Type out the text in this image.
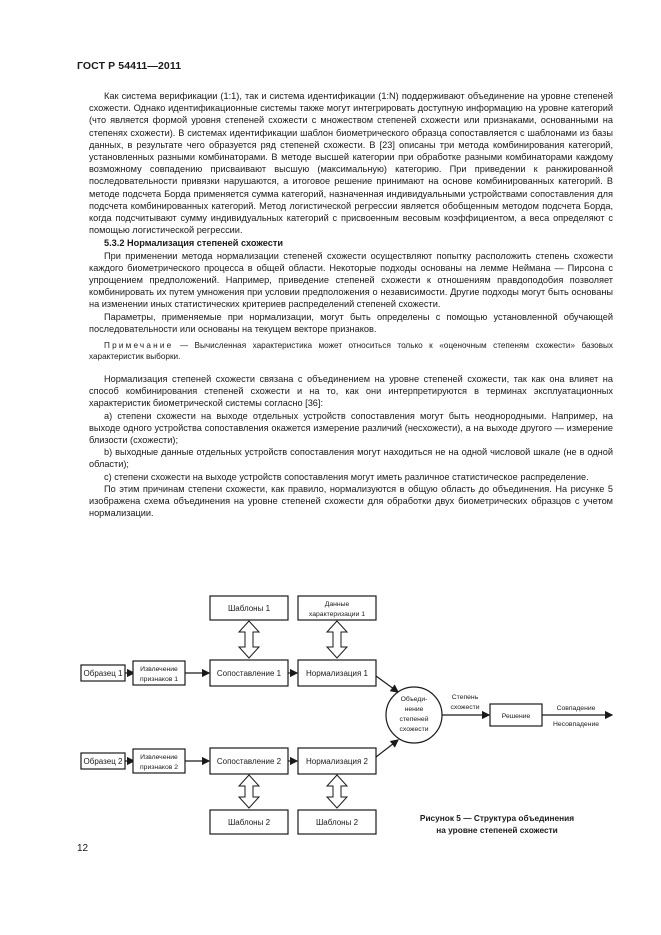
ГОСТ Р 54411—2011

Как система верификации (1:1), так и система идентификации (1:N) поддерживают объединение на уровне степеней схожести. Однако идентификационные системы также могут интегрировать доступную информацию на уровне категорий (что является формой уровня степеней схожести с множеством степеней схожести или признаками, основанными на степенях схожести). В системах идентификации шаблон биометрического образца сопоставляется с шаблонами из базы данных, в результате чего образуется ряд степеней схожести. В [23] описаны три метода комбинирования категорий, установленных разными комбинаторами. В методе высшей категории при обработке разными комбинаторами каждому возможному совпадению присваивают высшую (максимальную) категорию. При приведении к ранжированной последовательности привязки нарушаются, а итоговое решение принимают на основе комбинированных категорий. В методе подсчета Борда применяется сумма категорий, назначенная индивидуальными устройствами сопоставления для подсчета комбинированных категорий. Метод логистической регрессии является обобщенным методом подсчета Борда, когда подсчитывают сумму индивидуальных категорий с присвоенным весовым коэффициентом, а веса определяют с помощью логистической регрессии.

5.3.2 Нормализация степеней схожести

При применении метода нормализации степеней схожести осуществляют попытку расположить степень схожести каждого биометрического процесса в общей области. Некоторые подходы основаны на лемме Неймана — Пирсона с упрощением предположений. Например, приведение степеней схожести к отношениям правдоподобия позволяет комбинировать их путем умножения при условии предположения о независимости. Другие подходы могут быть основаны на изменении иных статистических критериев распределений степеней схожести.

Параметры, применяемые при нормализации, могут быть определены с помощью установленной обучающей последовательности или основаны на текущем векторе признаков.

Примечание — Вычисленная характеристика может относиться только к «оценочным степеням схожести» базовых характеристик выборки.

Нормализация степеней схожести связана с объединением на уровне степеней схожести, так как она влияет на способ комбинирования степеней схожести и на то, как они интерпретируются в терминах эксплуатационных характеристик биометрической системы согласно [36]:

а) степени схожести на выходе отдельных устройств сопоставления могут быть неоднородными. Например, на выходе одного устройства сопоставления окажется измерение различий (несхожести), а на выходе другого — измерение близости (схожести);

b) выходные данные отдельных устройств сопоставления могут находиться не на одной числовой шкале (не в одной области);

c) степени схожести на выходе устройств сопоставления могут иметь различное статистическое распределение.

По этим причинам степени схожести, как правило, нормализуются в общую область до объединения. На рисунке 5 изображена схема объединения на уровне степеней схожести для обработки двух биометрических образцов с учетом нормализации.

Шаблоны 1	Данные
характеризации 1
Образец 1	Извлечение
признаков 1
Сопоставление 1	Нормализация 1
Объеди-
нение
степеней
схожести
Степень
схожести
Решение
Совпадение
Несовпадение
Образец 2	Извлечение
признаков 2
Сопоставление 2	Нормализация 2
Шаблоны 2	Шаблоны 2	Рисунок 5 — Структура объединения
на уровне степеней схожести
12
